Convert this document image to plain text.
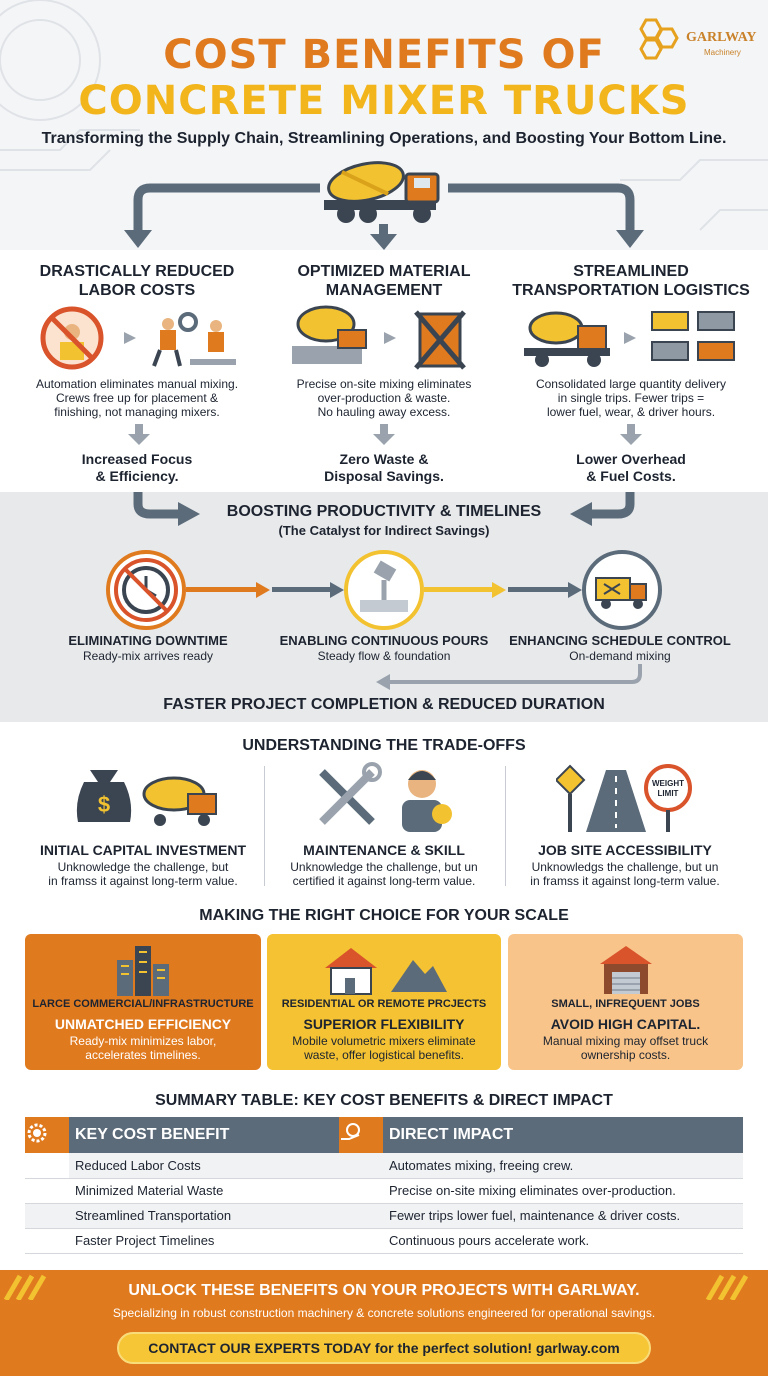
COST BENEFITS OF
CONCRETE MIXER TRUCKS
Transforming the Supply Chain, Streamlining Operations, and Boosting Your Bottom Line.
GARLWAY
Machinery
DRASTICALLY REDUCED
LABOR COSTS
Automation eliminates manual mixing.
Crews free up for placement &
finishing, not managing mixers.
Increased Focus
& Efficiency.
OPTIMIZED MATERIAL
MANAGEMENT
Precise on-site mixing eliminates
over-production & waste.
No hauling away excess.
Zero Waste &
Disposal Savings.
STREAMLINED
TRANSPORTATION LOGISTICS
Consolidated large quantity delivery
in single trips. Fewer trips =
lower fuel, wear, & driver hours.
Lower Overhead
& Fuel Costs.
BOOSTING PRODUCTIVITY & TIMELINES
(The Catalyst for Indirect Savings)
ELIMINATING DOWNTIME
Ready-mix arrives ready
ENABLING CONTINUOUS POURS
Steady flow & foundation
ENHANCING SCHEDULE CONTROL
On-demand mixing
FASTER PROJECT COMPLETION & REDUCED DURATION
UNDERSTANDING THE TRADE-OFFS
$
WEIGHT
LIMIT
INITIAL CAPITAL INVESTMENT
Unknowledge the challenge, but
in framss it against long-term value.
MAINTENANCE & SKILL
Unknowledge the challenge, but un
certified it against long-term value.
JOB SITE ACCESSIBILITY
Unknowledgs the challenge, but un
in framss it against long-term value.
MAKING THE RIGHT CHOICE FOR YOUR SCALE
LARCE COMMERCIAL/INFRASTRUCTURE
UNMATCHED EFFICIENCY
Ready-mix minimizes labor,
accelerates timelines.
RESIDENTIAL OR REMOTE PRCJECTS
SUPERIOR FLEXIBILITY
Mobile volumetric mixers eliminate
waste, offer logistical benefits.
SMALL, INFREQUENT JOBS
AVOID HIGH CAPITAL.
Manual mixing may offset truck
ownership costs.
SUMMARY TABLE: KEY COST BENEFITS & DIRECT IMPACT
	KEY COST BENEFIT		DIRECT IMPACT
	Reduced Labor Costs		Automates mixing, freeing crew.
	Minimized Material Waste		Precise on-site mixing eliminates over-production.
	Streamlined Transportation		Fewer trips lower fuel, maintenance & driver costs.
	Faster Project Timelines		Continuous pours accelerate work.
UNLOCK THESE BENEFITS ON YOUR PROJECTS WITH GARLWAY.
Specializing in robust construction machinery & concrete solutions engineered for operational savings.
CONTACT OUR EXPERTS TODAY for the perfect solution! garlway.com
